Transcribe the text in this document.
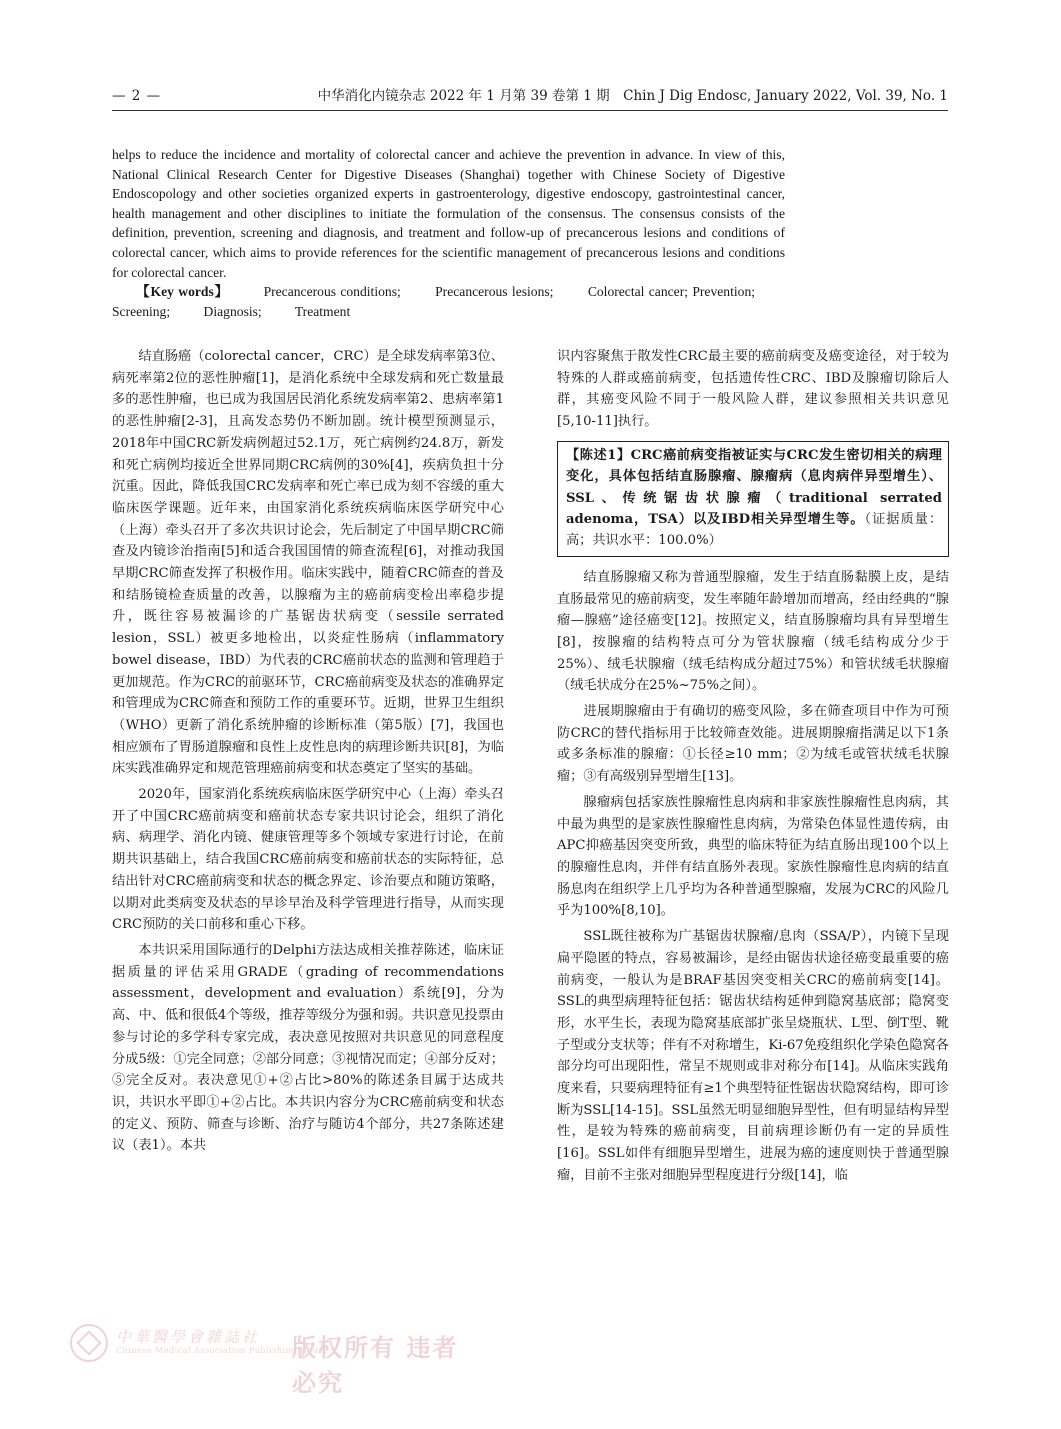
— 2 —	中华消化内镜杂志 2022 年 1 月第 39 卷第 1 期　Chin J Dig Endosc, January 2022, Vol. 39, No. 1

helps to reduce the incidence and mortality of colorectal cancer and achieve the prevention in advance. In view of this, National Clinical Research Center for Digestive Diseases (Shanghai) together with Chinese Society of Digestive Endoscopology and other societies organized experts in gastroenterology, digestive endoscopy, gastrointestinal cancer, health management and other disciplines to initiate the formulation of the consensus. The consensus consists of the definition, prevention, screening and diagnosis, and treatment and follow-up of precancerous lesions and conditions of colorectal cancer, which aims to provide references for the scientific management of precancerous lesions and conditions for colorectal cancer.

【Key words】	Precancerous conditions;	Precancerous lesions;	Colorectal cancer; Prevention; Screening; Diagnosis; Treatment

结直肠癌（colorectal cancer，CRC）是全球发病率第3位、病死率第2位的恶性肿瘤[1]，是消化系统中全球发病和死亡数量最多的恶性肿瘤，也已成为我国居民消化系统发病率第2、患病率第1的恶性肿瘤[2-3]，且高发态势仍不断加剧。统计模型预测显示，2018年中国CRC新发病例超过52.1万，死亡病例约24.8万，新发和死亡病例均接近全世界同期CRC病例的30%[4]，疾病负担十分沉重。因此，降低我国CRC发病率和死亡率已成为刻不容缓的重大临床医学课题。近年来，由国家消化系统疾病临床医学研究中心（上海）牵头召开了多次共识讨论会，先后制定了中国早期CRC筛查及内镜诊治指南[5]和适合我国国情的筛查流程[6]，对推动我国早期CRC筛查发挥了积极作用。临床实践中，随着CRC筛查的普及和结肠镜检查质量的改善，以腺瘤为主的癌前病变检出率稳步提升，既往容易被漏诊的广基锯齿状病变（sessile serrated lesion，SSL）被更多地检出，以炎症性肠病（inflammatory bowel disease，IBD）为代表的CRC癌前状态的监测和管理趋于更加规范。作为CRC的前驱环节，CRC癌前病变及状态的准确界定和管理成为CRC筛查和预防工作的重要环节。近期，世界卫生组织（WHO）更新了消化系统肿瘤的诊断标准（第5版）[7]，我国也相应颁布了胃肠道腺瘤和良性上皮性息肉的病理诊断共识[8]，为临床实践准确界定和规范管理癌前病变和状态奠定了坚实的基础。

2020年，国家消化系统疾病临床医学研究中心（上海）牵头召开了中国CRC癌前病变和癌前状态专家共识讨论会，组织了消化病、病理学、消化内镜、健康管理等多个领域专家进行讨论，在前期共识基础上，结合我国CRC癌前病变和癌前状态的实际特征，总结出针对CRC癌前病变和状态的概念界定、诊治要点和随访策略，以期对此类病变及状态的早诊早治及科学管理进行指导，从而实现CRC预防的关口前移和重心下移。

本共识采用国际通行的Delphi方法达成相关推荐陈述，临床证据质量的评估采用GRADE（grading of recommendations assessment，development and evaluation）系统[9]，分为高、中、低和很低4个等级，推荐等级分为强和弱。共识意见投票由参与讨论的多学科专家完成，表决意见按照对共识意见的同意程度分成5级：①完全同意；②部分同意；③视情况而定；④部分反对；⑤完全反对。表决意见①+②占比>80%的陈述条目属于达成共识，共识水平即①+②占比。本共识内容分为CRC癌前病变和状态的定义、预防、筛查与诊断、治疗与随访4个部分，共27条陈述建议（表1）。本共

识内容聚焦于散发性CRC最主要的癌前病变及癌变途径，对于较为特殊的人群或癌前病变，包括遗传性CRC、IBD及腺瘤切除后人群，其癌变风险不同于一般风险人群，建议参照相关共识意见[5,10-11]执行。

【陈述1】CRC癌前病变指被证实与CRC发生密切相关的病理变化，具体包括结直肠腺瘤、腺瘤病（息肉病伴异型增生）、SSL、传统锯齿状腺瘤（traditional serrated adenoma，TSA）以及IBD相关异型增生等。（证据质量：高；共识水平：100.0%）

结直肠腺瘤又称为普通型腺瘤，发生于结直肠黏膜上皮，是结直肠最常见的癌前病变，发生率随年龄增加而增高，经由经典的“腺瘤—腺癌”途径癌变[12]。按照定义，结直肠腺瘤均具有异型增生[8]，按腺瘤的结构特点可分为管状腺瘤（绒毛结构成分少于25%）、绒毛状腺瘤（绒毛结构成分超过75%）和管状绒毛状腺瘤（绒毛状成分在25%~75%之间）。

进展期腺瘤由于有确切的癌变风险，多在筛查项目中作为可预防CRC的替代指标用于比较筛查效能。进展期腺瘤指满足以下1条或多条标准的腺瘤：①长径≥10 mm；②为绒毛或管状绒毛状腺瘤；③有高级别异型增生[13]。

腺瘤病包括家族性腺瘤性息肉病和非家族性腺瘤性息肉病，其中最为典型的是家族性腺瘤性息肉病，为常染色体显性遗传病，由APC抑癌基因突变所致，典型的临床特征为结直肠出现100个以上的腺瘤性息肉，并伴有结直肠外表现。家族性腺瘤性息肉病的结直肠息肉在组织学上几乎均为各种普通型腺瘤，发展为CRC的风险几乎为100%[8,10]。

SSL既往被称为广基锯齿状腺瘤/息肉（SSA/P），内镜下呈现扁平隐匿的特点，容易被漏诊，是经由锯齿状途径癌变最重要的癌前病变，一般认为是BRAF基因突变相关CRC的癌前病变[14]。SSL的典型病理特征包括：锯齿状结构延伸到隐窝基底部；隐窝变形，水平生长，表现为隐窝基底部扩张呈烧瓶状、L型、倒T型、靴子型或分支状等；伴有不对称增生，Ki-67免疫组织化学染色隐窝各部分均可出现阳性，常呈不规则或非对称分布[14]。从临床实践角度来看，只要病理特征有≥1个典型特征性锯齿状隐窝结构，即可诊断为SSL[14-15]。SSL虽然无明显细胞异型性，但有明显结构异型性，是较为特殊的癌前病变，目前病理诊断仍有一定的异质性[16]。SSL如伴有细胞异型增生，进展为癌的速度则快于普通型腺瘤，目前不主张对细胞异型程度进行分级[14]，临

中華醫學會雜誌社
Chinese Medical Association Publishing House
版权所有 违者必究
